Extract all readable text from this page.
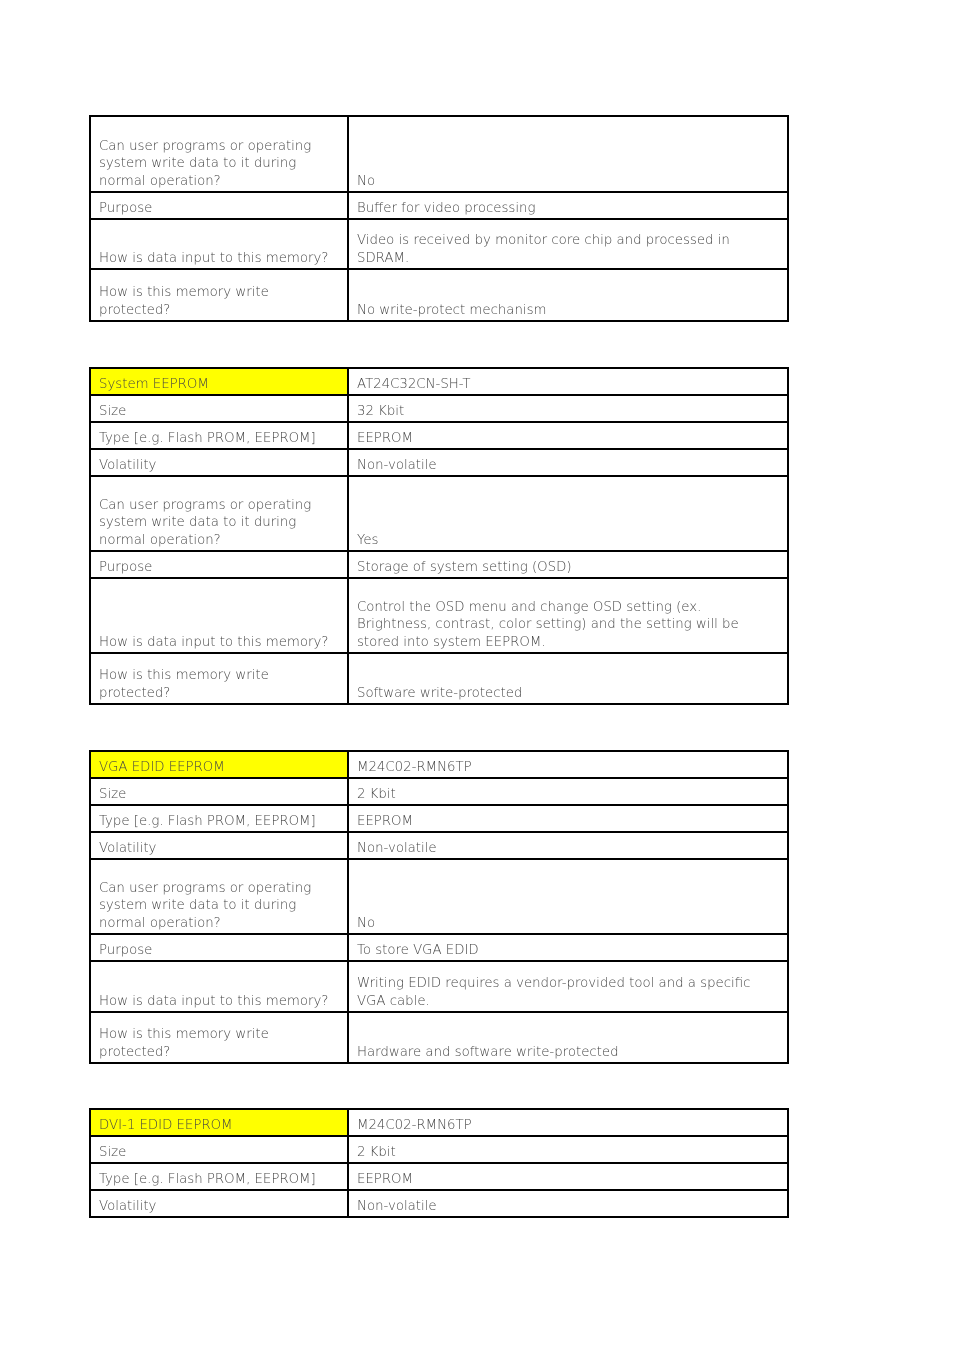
Can user programs or operating system write data to it during normal operation?	No
Purpose	Buffer for video processing
How is data input to this memory?	Video is received by monitor core chip and processed in SDRAM.
How is this memory write protected?	No write-protect mechanism
System EEPROM	AT24C32CN-SH-T
Size	32 Kbit
Type [e.g. Flash PROM, EEPROM]	EEPROM
Volatility	Non-volatile
Can user programs or operating system write data to it during normal operation?	Yes
Purpose	Storage of system setting (OSD)
How is data input to this memory?	Control the OSD menu and change OSD setting (ex. Brightness, contrast, color setting) and the setting will be stored into system EEPROM.
How is this memory write protected?	Software write-protected
VGA EDID EEPROM	M24C02-RMN6TP
Size	2 Kbit
Type [e.g. Flash PROM, EEPROM]	EEPROM
Volatility	Non-volatile
Can user programs or operating system write data to it during normal operation?	No
Purpose	To store VGA EDID
How is data input to this memory?	Writing EDID requires a vendor-provided tool and a specific VGA cable.
How is this memory write protected?	Hardware and software write-protected
DVI-1 EDID EEPROM	M24C02-RMN6TP
Size	2 Kbit
Type [e.g. Flash PROM, EEPROM]	EEPROM
Volatility	Non-volatile
